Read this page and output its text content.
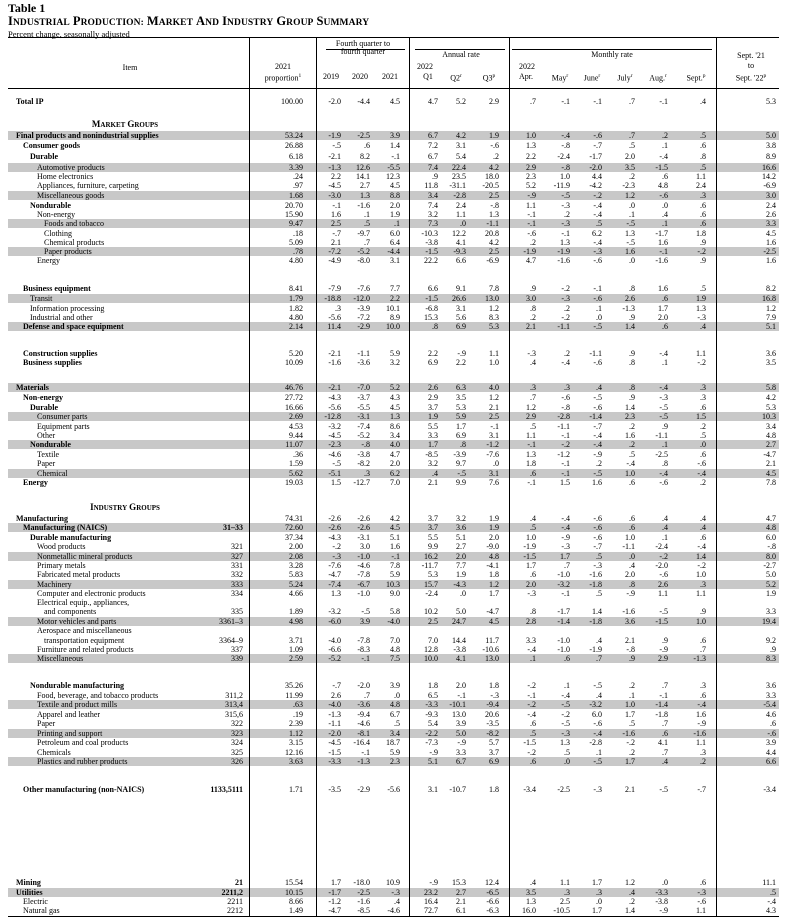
Table 1
INDUSTRIAL PRODUCTION: MARKET AND INDUSTRY GROUP SUMMARY
Percent change, seasonally adjusted
Item	2021
proportion$^1$
Fourth quarter to
fourth quarter	Annual rate	Monthly rate	Sept. '21
to
Sept. '22$^p$
2022	2022
2019	2020	2021	Q1	Q2$^r$	Q3$^p$	Apr.	May$^r$	June$^r$	July$^r$	Aug.$^r$	Sept.$^p$
Total IP	100.00	-2.0	-4.4	4.5	4.7	5.2	2.9	.7	-.1	-.1	.7	-.1	.4	5.3
MARKET GROUPS
Final products and nonindustrial supplies	53.24	-1.9	-2.5	3.9	6.7	4.2	1.9	1.0	-.4	-.6	.7	.2	.5	5.0
Consumer goods	26.88	-.5	.6	1.4	7.2	3.1	-.6	1.3	-.8	-.7	.5	.1	.6	3.8
Durable	6.18	-2.1	8.2	-.1	6.7	5.4	.2	2.2	-2.4	-1.7	2.0	-.4	.8	8.9
Automotive products	3.39	-1.3	12.6	-5.5	7.4	22.4	4.2	2.9	-.8	-2.0	3.5	-1.5	.5	16.6
Home electronics	.24	2.2	14.1	12.3	.9	23.5	18.0	2.3	1.0	4.4	.2	.6	1.1	14.2
Appliances, furniture, carpeting	.97	-4.5	2.7	4.5	11.8	-31.1	-20.5	5.2	-11.9	-4.2	-2.3	4.8	2.4	-6.9
Miscellaneous goods	1.68	-3.0	1.3	8.8	3.4	-2.8	2.5	-.9	-.5	-.2	1.2	-.6	.3	3.0
Nondurable	20.70	-.1	-1.6	2.0	7.4	2.4	-.8	1.1	-.3	-.4	.0	.0	.6	2.4
Non-energy	15.90	1.6	.1	1.9	3.2	1.1	1.3	-.1	.2	-.4	.1	.4	.6	2.6
Foods and tobacco	9.47	2.5	.5	.1	7.3	.0	-1.1	-.1	-.3	.5	-.5	.1	.6	3.3
Clothing	.18	-.7	-9.7	6.0	-10.3	12.2	20.8	-.6	-.1	6.2	1.3	-1.7	1.8	4.5
Chemical products	5.09	2.1	.7	6.4	-3.8	4.1	4.2	.2	1.3	-.4	-.5	1.6	.9	1.6
Paper products	.78	-7.2	-5.2	-4.4	-1.5	-9.3	2.5	-1.9	-1.9	-.3	1.6	-.1	-.2	-2.5
Energy	4.80	-4.9	-8.0	3.1	22.2	6.6	-6.9	4.7	-1.6	-.6	.0	-1.6	.9	1.6
Business equipment	8.41	-7.9	-7.6	7.7	6.6	9.1	7.8	.9	-.2	-.1	.8	1.6	.5	8.2
Transit	1.79	-18.8	-12.0	2.2	-1.5	26.6	13.0	3.0	-.3	-.6	2.6	.6	1.9	16.8
Information processing	1.82	.3	-3.9	10.1	-6.8	3.1	1.2	.8	.2	.1	-1.3	1.7	1.3	1.2
Industrial and other	4.80	-5.6	-7.2	8.9	15.3	5.6	8.3	.2	-.2	.0	.9	2.0	-.3	7.9
Defense and space equipment	2.14	11.4	-2.9	10.0	.8	6.9	5.3	2.1	-1.1	-.5	1.4	.6	.4	5.1
Construction supplies	5.20	-2.1	-1.1	5.9	2.2	-.9	1.1	-.3	.2	-1.1	.9	-.4	1.1	3.6
Business supplies	10.09	-1.6	-3.6	3.2	6.9	2.2	1.0	.4	-.4	-.6	.8	.1	-.2	3.5
Materials	46.76	-2.1	-7.0	5.2	2.6	6.3	4.0	.3	.3	.4	.8	-.4	.3	5.8
Non-energy	27.72	-4.3	-3.7	4.3	2.9	3.5	1.2	.7	-.6	-.5	.9	-.3	.3	4.2
Durable	16.66	-5.6	-5.5	4.5	3.7	5.3	2.1	1.2	-.8	-.6	1.4	-.5	.6	5.3
Consumer parts	2.69	-12.8	-3.1	1.3	1.9	5.9	2.5	2.9	-2.8	-1.4	2.3	-.5	1.5	10.3
Equipment parts	4.53	-3.2	-7.4	8.6	5.5	1.7	-.1	.5	-1.1	-.7	.2	.9	.2	3.4
Other	9.44	-4.5	-5.2	3.4	3.3	6.9	3.1	1.1	-.1	-.4	1.6	-1.1	.5	4.8
Nondurable	11.07	-2.3	-.8	4.0	1.7	.8	-1.2	-.1	-.2	-.4	.2	.1	.0	2.7
Textile	.36	-4.6	-3.8	4.7	-8.5	-3.9	-7.6	1.3	-1.2	-.9	.5	-2.5	.6	-4.7
Paper	1.59	-.5	-8.2	2.0	3.2	9.7	.0	1.8	-.1	.2	-.4	.8	-.6	2.1
Chemical	5.62	-5.1	.3	6.2	.4	-.5	3.1	.6	-.1	-.5	1.0	-.4	-.4	4.5
Energy	19.03	1.5	-12.7	7.0	2.1	9.9	7.6	-.1	1.5	1.6	.6	-.6	.2	7.8
INDUSTRY GROUPS
Manufacturing	74.31	-2.6	-2.6	4.2	3.7	3.2	1.9	.4	-.4	-.6	.6	.4	.4	4.7
Manufacturing (NAICS)	31–33	72.60	-2.6	-2.6	4.5	3.7	3.6	1.9	.5	-.4	-.6	.6	.4	.4	4.8
Durable manufacturing	37.34	-4.3	-3.1	5.1	5.5	5.1	2.0	1.0	-.9	-.6	1.0	.1	.6	6.0
Wood products	321	2.00	-.2	3.0	1.6	9.9	2.7	-9.0	-1.9	-.3	-.7	-1.1	-2.4	-.4	-.8
Nonmetallic mineral products	327	2.08	-.3	-1.0	-.1	16.2	2.0	4.8	-1.5	1.7	.5	.0	-.2	1.4	8.0
Primary metals	331	3.28	-7.6	-4.6	7.8	-11.7	7.7	-4.1	1.7	.7	-.3	.4	-2.0	-.2	-2.7
Fabricated metal products	332	5.83	-4.7	-7.8	5.9	5.3	1.9	1.8	.6	-1.0	-1.6	2.0	-.6	1.0	5.0
Machinery	333	5.24	-7.4	-6.7	10.3	15.7	-4.3	1.2	2.0	-3.2	-1.8	.8	2.6	.3	5.2
Computer and electronic products	334	4.66	1.3	-1.0	9.0	-2.4	.0	1.7	-.3	-.1	.5	-.9	1.1	1.1	1.9
Electrical equip., appliances,
and components	335	1.89	-3.2	-.5	5.8	10.2	5.0	-4.7	.8	-1.7	1.4	-1.6	-.5	.9	3.3
Motor vehicles and parts	3361–3	4.98	-6.0	3.9	-4.0	2.5	24.7	4.5	2.8	-1.4	-1.8	3.6	-1.5	1.0	19.4
Aerospace and miscellaneous
transportation equipment	3364–9	3.71	-4.0	-7.8	7.0	7.0	14.4	11.7	3.3	-1.0	.4	2.1	.9	.6	9.2
Furniture and related products	337	1.09	-6.6	-8.3	4.8	12.8	-3.8	-10.6	-.4	-1.0	-1.9	-.8	-.9	.7	.9
Miscellaneous	339	2.59	-5.2	-.1	7.5	10.0	4.1	13.0	.1	.6	.7	.9	2.9	-1.3	8.3
Nondurable manufacturing	35.26	-.7	-2.0	3.9	1.8	2.0	1.8	-.2	.1	-.5	.2	.7	.3	3.6
Food, beverage, and tobacco products	311,2	11.99	2.6	.7	.0	6.5	-.1	-.3	-.1	-.4	.4	.1	-.1	.6	3.3
Textile and product mills	313,4	.63	-4.0	-3.6	4.8	-3.3	-10.1	-9.4	-.2	-.5	-3.2	1.0	-1.4	-.4	-5.4
Apparel and leather	315,6	.19	-1.3	-9.4	6.7	-9.3	13.0	20.6	-.4	-.2	6.0	1.7	-1.8	1.6	4.6
Paper	322	2.39	-1.1	-4.6	.5	5.4	3.9	-3.5	.6	-.5	-.6	.5	.7	-.9	.6
Printing and support	323	1.12	-2.0	-8.1	3.4	-2.2	5.0	-8.2	.5	-.3	-.4	-1.6	.6	-1.6	-.6
Petroleum and coal products	324	3.15	-4.5	-16.4	18.7	-7.3	-.9	5.7	-1.5	1.3	-2.8	-.2	4.1	1.1	3.9
Chemicals	325	12.16	-1.5	-.1	5.9	-.9	3.3	3.7	-.2	.5	.1	.2	.7	.3	4.4
Plastics and rubber products	326	3.63	-3.3	-1.3	2.3	5.1	6.7	6.9	.6	.0	-.5	1.7	.4	.2	6.6
Other manufacturing (non-NAICS)	1133,5111	1.71	-3.5	-2.9	-5.6	3.1	-10.7	1.8	-3.4	-2.5	-.3	2.1	-.5	-.7	-3.4
Mining	21	15.54	1.7	-18.0	10.9	-.9	15.3	12.4	.4	1.1	1.7	1.2	.0	.6	11.1
Utilities	2211,2	10.15	-1.7	-2.5	-.3	23.2	2.7	-6.5	3.5	.3	.3	.4	-3.3	-.3	.5
Electric	2211	8.66	-1.2	-1.6	.4	16.4	2.1	-6.6	1.3	2.5	.0	.2	-3.8	-.6	-.4
Natural gas	2212	1.49	-4.7	-8.5	-4.6	72.7	6.1	-6.3	16.0	-10.5	1.7	1.4	-.9	1.1	4.3
